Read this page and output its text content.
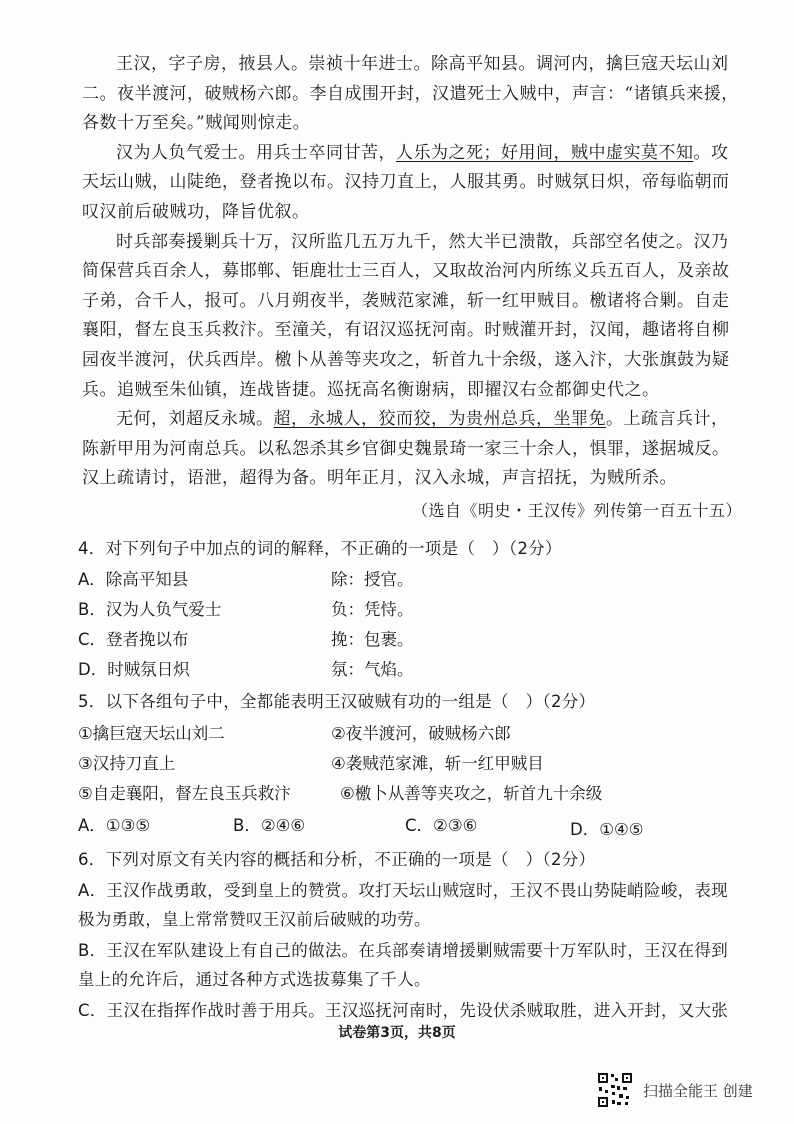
王汉，字子房，掖县人。崇祯十年进士。除高平知县。调河内，擒巨寇天坛山刘二。夜半渡河，破贼杨六郎。李自成围开封，汉遣死士入贼中，声言：“诸镇兵来援，各数十万至矣。”贼闻则惊走。

汉为人负气爱士。用兵士卒同甘苦，人乐为之死；好用间，贼中虚实莫不知。攻天坛山贼，山陡绝，登者挽以布。汉持刀直上，人服其勇。时贼氛日炽，帝每临朝而叹汉前后破贼功，降旨优叙。

时兵部奏援剿兵十万，汉所监几五万九千，然大半已溃散，兵部空名使之。汉乃简保营兵百余人，募邯郸、钜鹿壮士三百人，又取故治河内所练义兵五百人，及亲故子弟，合千人，报可。八月朔夜半，袭贼范家滩，斩一红甲贼目。檄诸将合剿。自走襄阳，督左良玉兵救汴。至潼关，有诏汉巡抚河南。时贼灌开封，汉闻，趣诸将自柳园夜半渡河，伏兵西岸。檄卜从善等夹攻之，斩首九十余级，遂入汴，大张旗鼓为疑兵。追贼至朱仙镇，连战皆捷。巡抚高名衡谢病，即擢汉右佥都御史代之。

无何，刘超反永城。超，永城人，狡而狡，为贵州总兵，坐罪免。上疏言兵计，陈新甲用为河南总兵。以私怨杀其乡官御史魏景琦一家三十余人，惧罪，遂据城反。汉上疏请讨，语泄，超得为备。明年正月，汉入永城，声言招抚，为贼所杀。

（选自《明史・王汉传》列传第一百五十五）
4．对下列句子中加点的词的解释，不正确的一项是（　）（2分）
A．除高平知县	除：授官。
B．汉为人负气爱士	负：凭恃。
C．登者挽以布	挽：包裹。
D．时贼氛日炽	氛：气焰。
5．以下各组句子中，全都能表明王汉破贼有功的一组是（　）（2分）
①擒巨寇天坛山刘二	②夜半渡河，破贼杨六郎
③汉持刀直上	④袭贼范家滩，斩一红甲贼目
⑤自走襄阳，督左良玉兵救汴	⑥檄卜从善等夹攻之，斩首九十余级
A．①③⑤	B．②④⑥	C．②③⑥	D．①④⑤
6．下列对原文有关内容的概括和分析，不正确的一项是（　）（2分）
A．王汉作战勇敢，受到皇上的赞赏。攻打天坛山贼寇时，王汉不畏山势陡峭险峻，表现
极为勇敢，皇上常常赞叹王汉前后破贼的功劳。
B．王汉在军队建设上有自己的做法。在兵部奏请增援剿贼需要十万军队时，王汉在得到
皇上的允许后，通过各种方式选拔募集了千人。
C．王汉在指挥作战时善于用兵。王汉巡抚河南时，先设伏杀贼取胜，进入开封，又大张
试卷第3页，共8页
扫描全能王 创建
